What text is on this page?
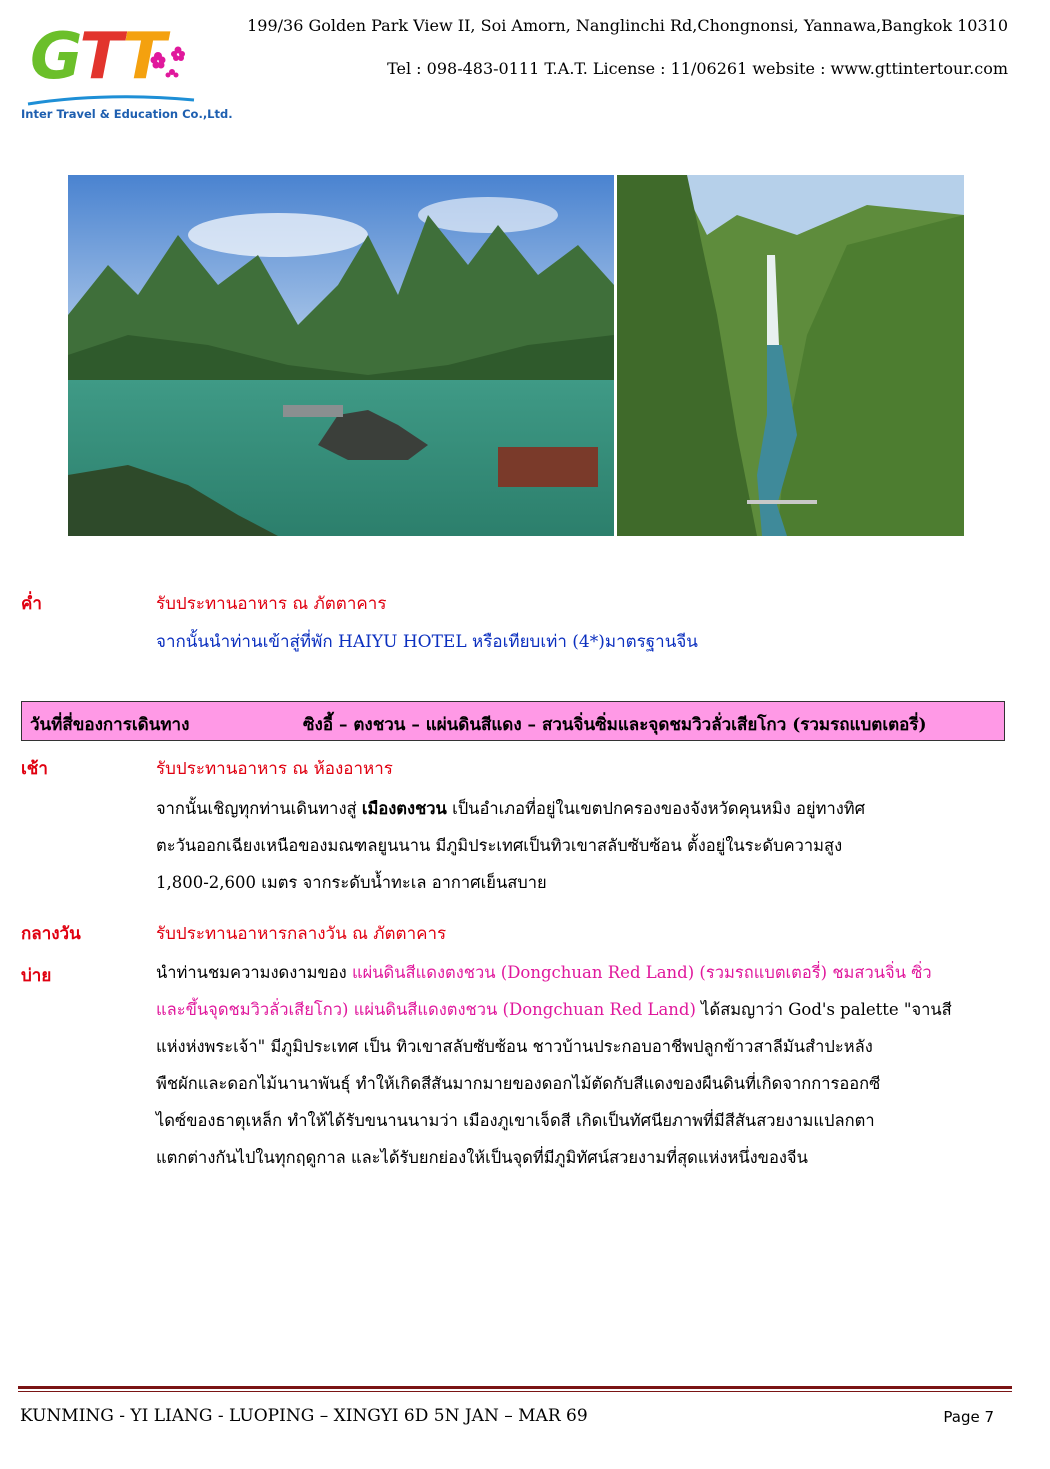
GTT
Inter Travel & Education Co.,Ltd.
199/36 Golden Park View II, Soi Amorn, Nanglinchi Rd,Chongnonsi, Yannawa,Bangkok 10310
Tel : 098-483-0111 T.A.T. License : 11/06261 website : www.gttintertour.com
ค่ำ	รับประทานอาหาร ณ ภัตตาคาร
จากนั้นนำท่านเข้าสู่ที่พัก HAIYU HOTEL หรือเทียบเท่า (4*)มาตรฐานจีน
วันที่สี่ของการเดินทาง	ซิงอี้ – ตงชวน – แผ่นดินสีแดง – สวนจิ่นซิ่มและจุดชมวิวลั่วเสียโกว (รวมรถแบตเตอรี่)
เช้า	รับประทานอาหาร ณ ห้องอาหาร
จากนั้นเชิญทุกท่านเดินทางสู่ เมืองตงชวน เป็นอำเภอที่อยู่ในเขตปกครองของจังหวัดคุนหมิง อยู่ทางทิศ
ตะวันออกเฉียงเหนือของมณฑลยูนนาน มีภูมิประเทศเป็นทิวเขาสลับซับซ้อน ตั้งอยู่ในระดับความสูง
1,800-2,600 เมตร จากระดับน้ำทะเล อากาศเย็นสบาย
กลางวัน	รับประทานอาหารกลางวัน ณ ภัตตาคาร
บ่าย	นำท่านชมความงดงามของ แผ่นดินสีแดงตงชวน (Dongchuan Red Land) (รวมรถแบตเตอรี่) ชมสวนจิ่น ซิ่ว
และขึ้นจุดชมวิวลั่วเสียโกว) แผ่นดินสีแดงตงชวน (Dongchuan Red Land) ได้สมญาว่า God's palette "จานสี
แห่งห่งพระเจ้า" มีภูมิประเทศ เป็น ทิวเขาสลับซับซ้อน ชาวบ้านประกอบอาชีพปลูกข้าวสาลีมันสำปะหลัง
พืชผักและดอกไม้นานาพันธุ์ ทำให้เกิดสีสันมากมายของดอกไม้ตัดกับสีแดงของผืนดินที่เกิดจากการออกซี
ไดซ์ของธาตุเหล็ก ทำให้ได้รับขนานนามว่า เมืองภูเขาเจ็ดสี เกิดเป็นทัศนียภาพที่มีสีสันสวยงามแปลกตา
แตกต่างกันไปในทุกฤดูกาล และได้รับยกย่องให้เป็นจุดที่มีภูมิทัศน์สวยงามที่สุดแห่งหนึ่งของจีน
KUNMING - YI LIANG - LUOPING – XINGYI 6D 5N JAN – MAR 69	Page 7
